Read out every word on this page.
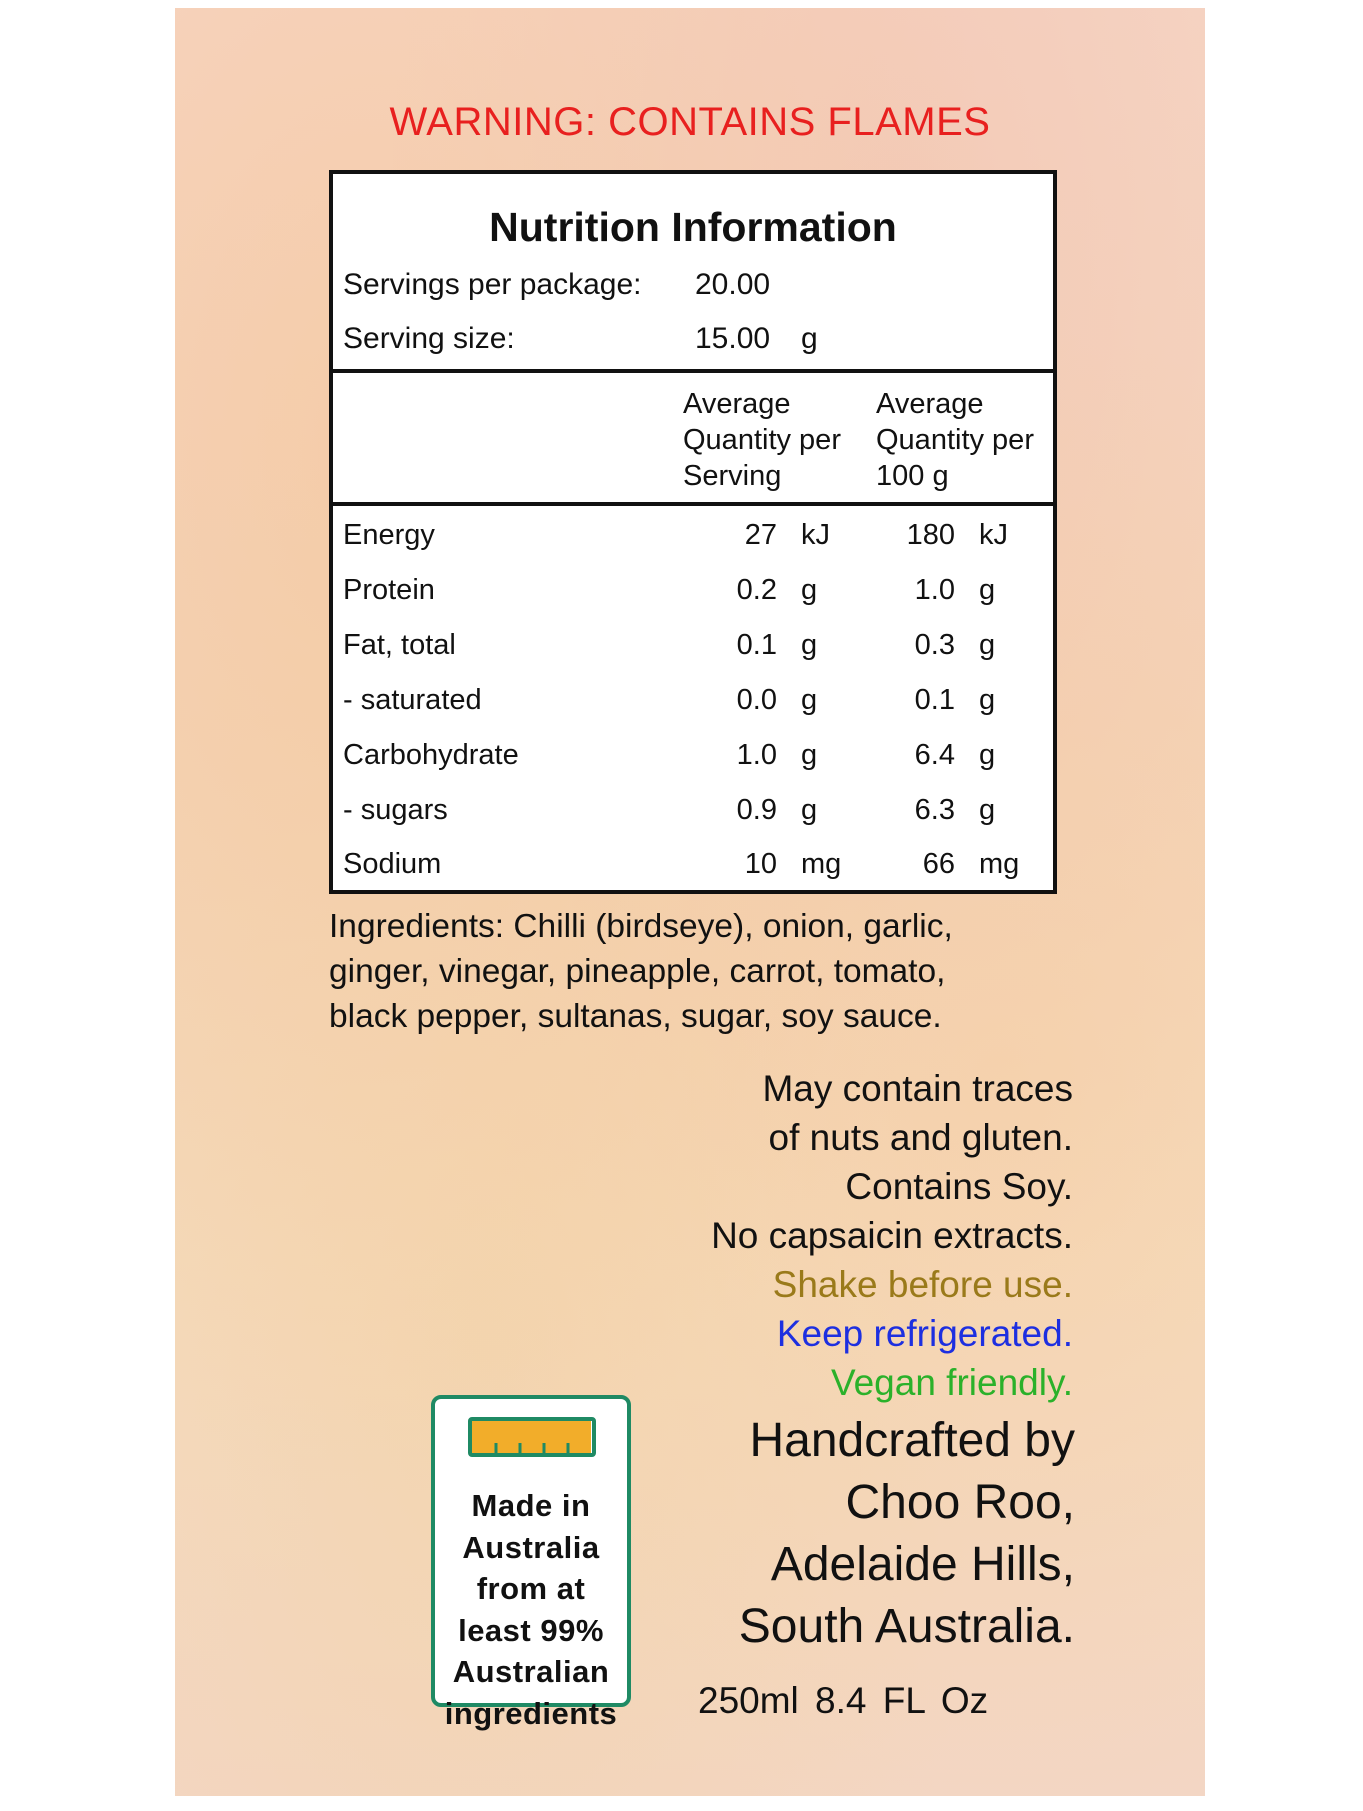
WARNING: CONTAINS FLAMES
Nutrition Information
Servings per package: 20.00
Serving size:	15.00 g
Average
Quantity per
Serving
Average
Quantity per
100 g
Energy	27 kJ	180 kJ
Protein	0.2 g	1.0 g
Fat, total	0.1 g	0.3 g
- saturated	0.0 g	0.1 g
Carbohydrate	1.0 g	6.4 g
- sugars	0.9 g	6.3 g
Sodium	10 mg	66 mg
Ingredients: Chilli (birdseye), onion, garlic,
ginger, vinegar, pineapple, carrot, tomato,
black pepper, sultanas, sugar, soy sauce.
May contain traces
of nuts and gluten.
Contains Soy.
No capsaicin extracts.
Shake before use.
Keep refrigerated.
Vegan friendly.
Made in
Australia
from at
least 99%
Australian
ingredients
Handcrafted by
Choo Roo,
Adelaide Hills,
South Australia.
250ml 8.4 FL Oz
